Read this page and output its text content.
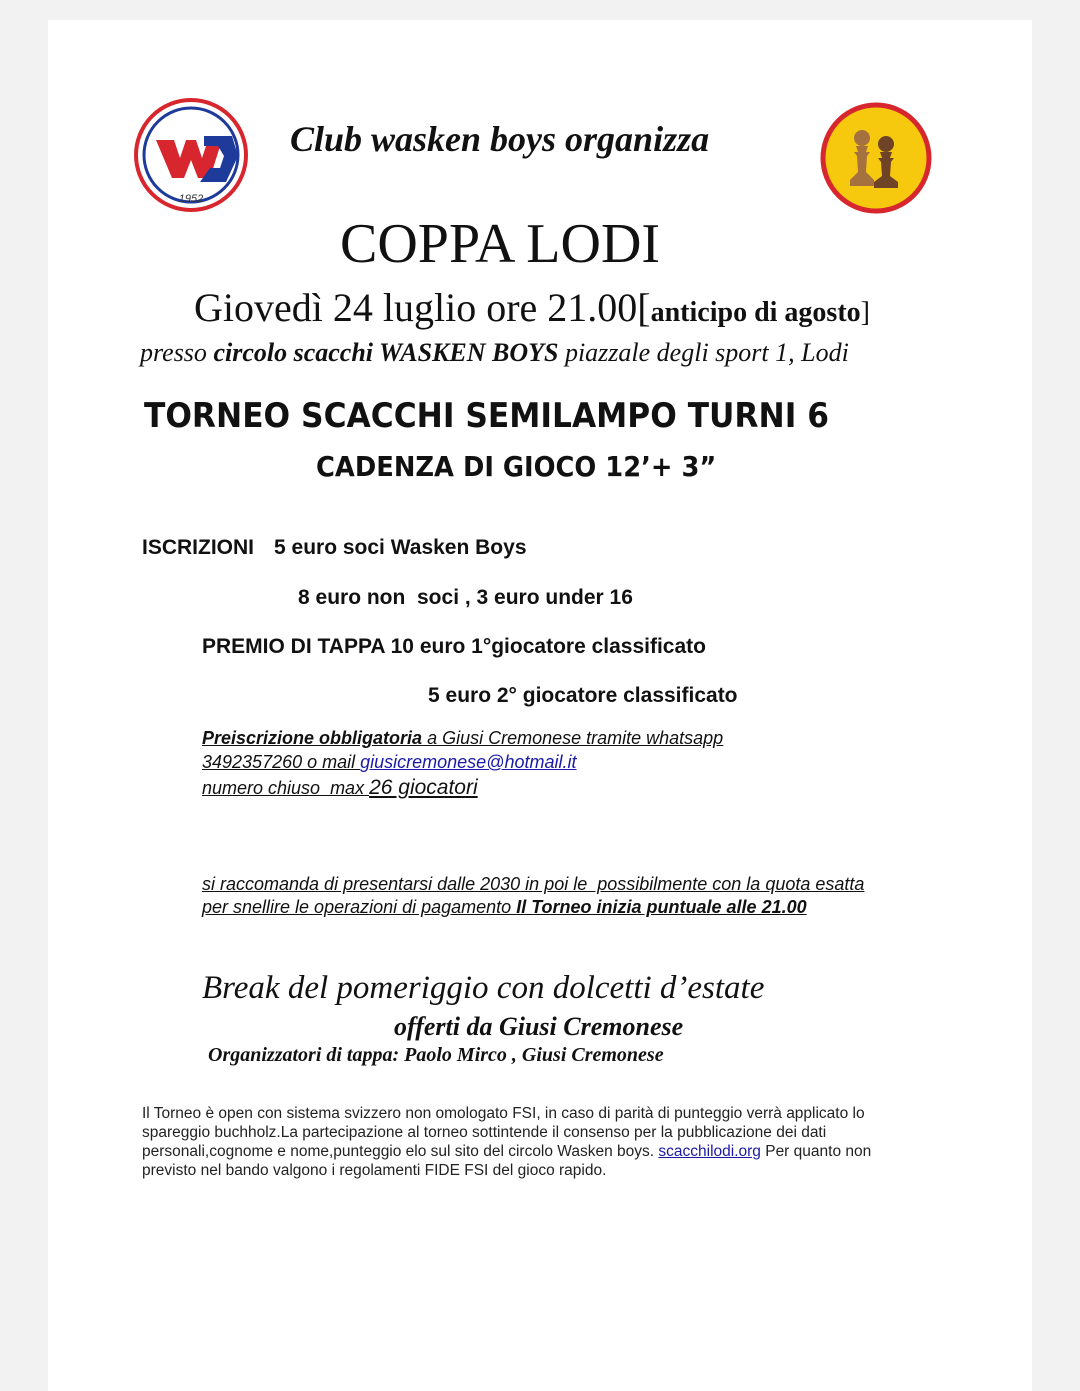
1952
Club wasken boys organizza
COPPA LODI
Giovedì 24 luglio ore 21.00[anticipo di agosto]
presso circolo scacchi WASKEN BOYS piazzale degli sport 1, Lodi
TORNEO SCACCHI SEMILAMPO TURNI 6
CADENZA DI GIOCO 12’+ 3”
ISCRIZIONI 5 euro soci Wasken Boys
8 euro non  soci , 3 euro under 16
PREMIO DI TAPPA 10 euro 1°giocatore classificato
5 euro 2° giocatore classificato
Preiscrizione obbligatoria a Giusi Cremonese tramite whatsapp
3492357260 o mail giusicremonese@hotmail.it
numero chiuso  max 26 giocatori
si raccomanda di presentarsi dalle 2030 in poi le  possibilmente con la quota esatta
per snellire le operazioni di pagamento Il Torneo inizia puntuale alle 21.00
Break del pomeriggio con dolcetti d’estate
offerti da Giusi Cremonese
Organizzatori di tappa: Paolo Mirco , Giusi Cremonese
Il Torneo è open con sistema svizzero non omologato FSI, in caso di parità di punteggio verrà applicato lo
spareggio buchholz.La partecipazione al torneo sottintende il consenso per la pubblicazione dei dati
personali,cognome e nome,punteggio elo sul sito del circolo Wasken boys. scacchilodi.org Per quanto non
previsto nel bando valgono i regolamenti FIDE FSI del gioco rapido.
